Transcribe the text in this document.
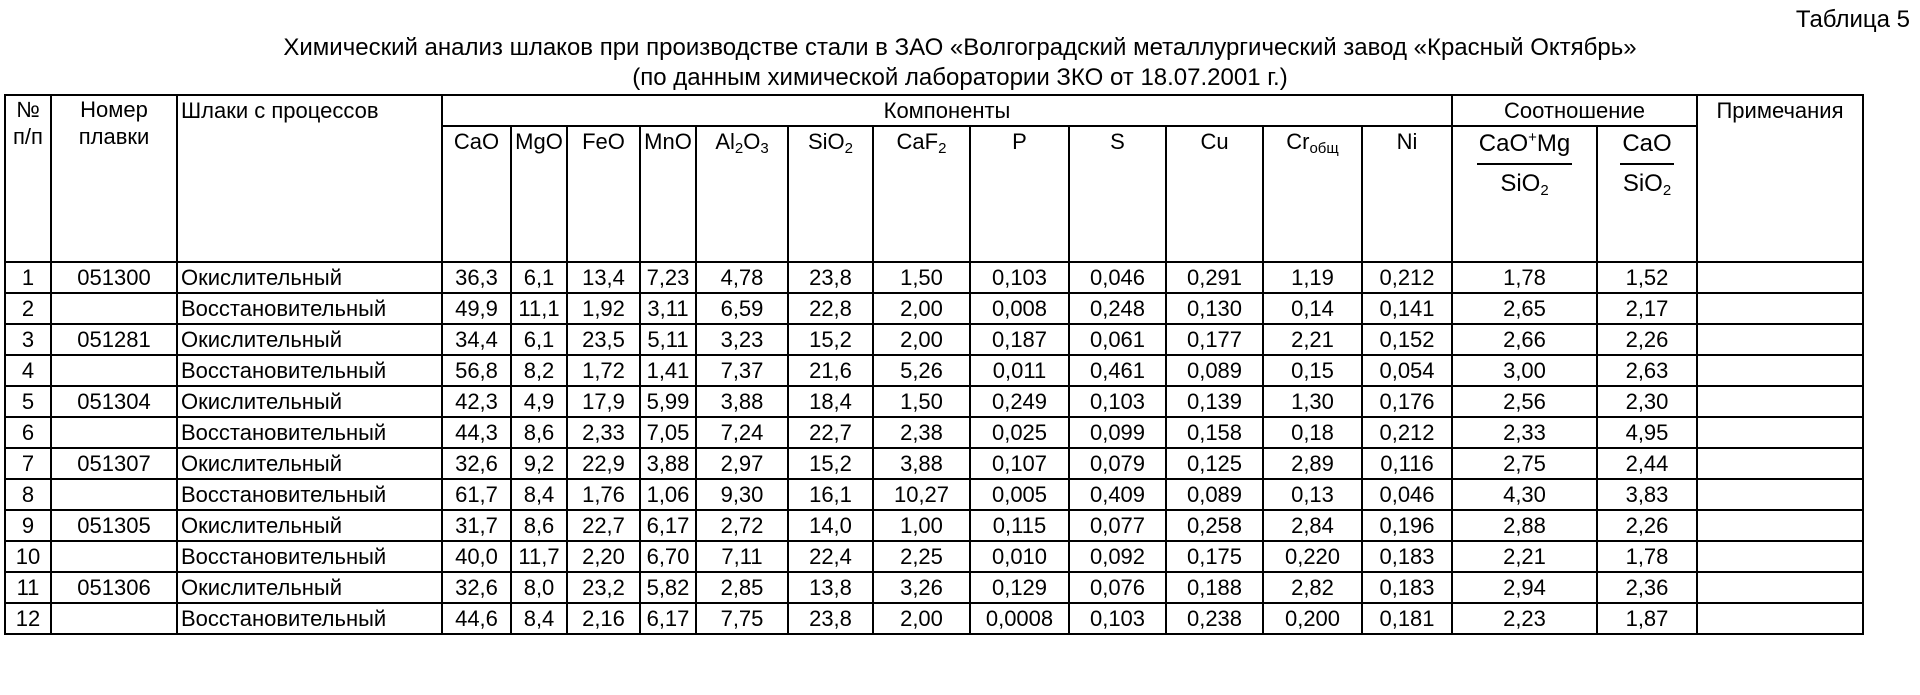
Таблица 5
Химический анализ шлаков при производстве стали в ЗАО «Волгоградский металлургический завод «Красный Октябрь»
(по данным химической лаборатории ЗКО от 18.07.2001 г.)
№ п/п	Номер плавки	Шлаки с процессов	Компоненты												Соотношение		Примечания
			CaO	MgO	FeO	MnO	$Al_2O_3$	SiO$_2$	CaF$_2$	P	S	Cu	$Cr_{общ}$	Ni	$\frac{CaO^+Mg}{SiO_2}$	$\frac{\text{CaO}}{SiO_2}$

1	051300	Окислительный	36,3	6,1	13,4	7,23	4,78	23,8	1,50	0,103	0,046	0,291	1,19	0,212	1,78	1,52	
2		Восстановительный	49,9	11,1	1,92	3,11	6,59	22,8	2,00	0,008	0,248	0,130	0,14	0,141	2,65	2,17	
3	051281	Окислительный	34,4	6,1	23,5	5,11	3,23	15,2	2,00	0,187	0,061	0,177	2,21	0,152	2,66	2,26	
4		Восстановительный	56,8	8,2	1,72	1,41	7,37	21,6	5,26	0,011	0,461	0,089	0,15	0,054	3,00	2,63	
5	051304	Окислительный	42,3	4,9	17,9	5,99	3,88	18,4	1,50	0,249	0,103	0,139	1,30	0,176	2,56	2,30	
6		Восстановительный	44,3	8,6	2,33	7,05	7,24	22,7	2,38	0,025	0,099	0,158	0,18	0,212	2,33	4,95	
7	051307	Окислительный	32,6	9,2	22,9	3,88	2,97	15,2	3,88	0,107	0,079	0,125	2,89	0,116	2,75	2,44	
8		Восстановительный	61,7	8,4	1,76	1,06	9,30	16,1	10,27	0,005	0,409	0,089	0,13	0,046	4,30	3,83	
9	051305	Окислительный	31,7	8,6	22,7	6,17	2,72	14,0	1,00	0,115	0,077	0,258	2,84	0,196	2,88	2,26	
10		Восстановительный	40,0	11,7	2,20	6,70	7,11	22,4	2,25	0,010	0,092	0,175	0,220	0,183	2,21	1,78	
11	051306	Окислительный	32,6	8,0	23,2	5,82	2,85	13,8	3,26	0,129	0,076	0,188	2,82	0,183	2,94	2,36	
12		Восстановительный	44,6	8,4	2,16	6,17	7,75	23,8	2,00	0,0008	0,103	0,238	0,200	0,181	2,23	1,87	
